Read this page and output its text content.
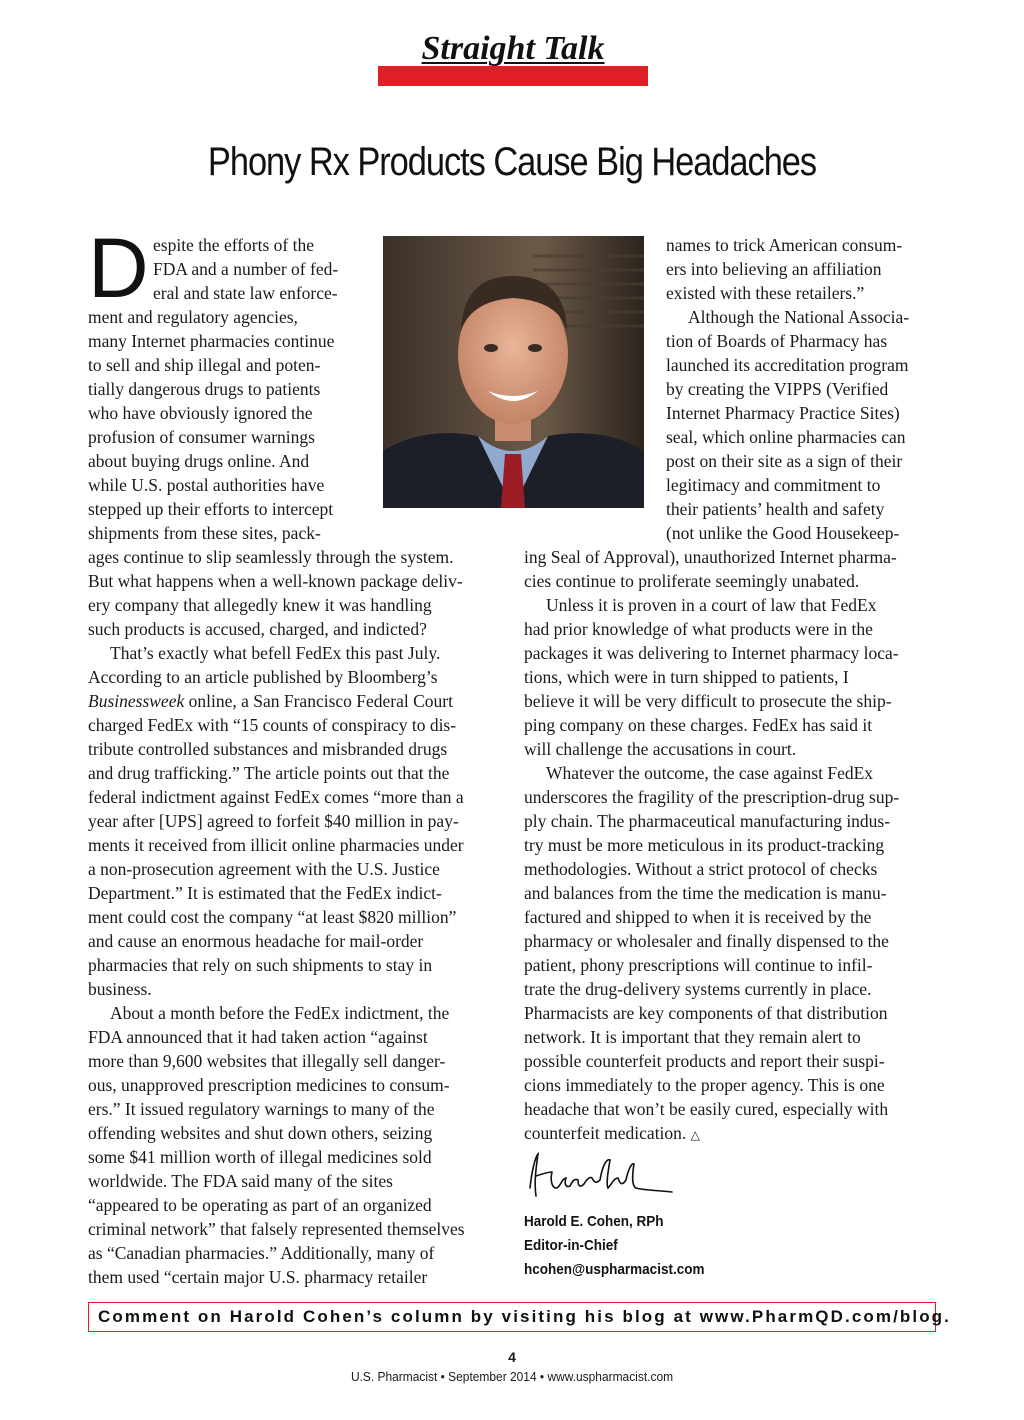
Straight Talk
Phony Rx Products Cause Big Headaches
D espite the efforts of the
FDA and a number of fed-
eral and state law enforce-
ment and regulatory agencies,
many Internet pharmacies continue
to sell and ship illegal and poten-
tially dangerous drugs to patients
who have obviously ignored the
profusion of consumer warnings
about buying drugs online. And
while U.S. postal authorities have
stepped up their efforts to intercept
shipments from these sites, pack-
ages continue to slip seamlessly through the system.
But what happens when a well-known package deliv-
ery company that allegedly knew it was handling
such products is accused, charged, and indicted?
That’s exactly what befell FedEx this past July.
According to an article published by Bloomberg’s
Businessweek online, a San Francisco Federal Court
charged FedEx with “15 counts of conspiracy to dis-
tribute controlled substances and misbranded drugs
and drug trafficking.” The article points out that the
federal indictment against FedEx comes “more than a
year after [UPS] agreed to forfeit $40 million in pay-
ments it received from illicit online pharmacies under
a non-prosecution agreement with the U.S. Justice
Department.” It is estimated that the FedEx indict-
ment could cost the company “at least $820 million”
and cause an enormous headache for mail-order
pharmacies that rely on such shipments to stay in
business.
About a month before the FedEx indictment, the
FDA announced that it had taken action “against
more than 9,600 websites that illegally sell danger-
ous, unapproved prescription medicines to consum-
ers.” It issued regulatory warnings to many of the
offending websites and shut down others, seizing
some $41 million worth of illegal medicines sold
worldwide. The FDA said many of the sites
“appeared to be operating as part of an organized
criminal network” that falsely represented themselves
as “Canadian pharmacies.” Additionally, many of
them used “certain major U.S. pharmacy retailer
names to trick American consum-
ers into believing an affiliation
existed with these retailers.”
Although the National Associa-
tion of Boards of Pharmacy has
launched its accreditation program
by creating the VIPPS (Verified
Internet Pharmacy Practice Sites)
seal, which online pharmacies can
post on their site as a sign of their
legitimacy and commitment to
their patients’ health and safety
(not unlike the Good Housekeep-
ing Seal of Approval), unauthorized Internet pharma-
cies continue to proliferate seemingly unabated.
Unless it is proven in a court of law that FedEx
had prior knowledge of what products were in the
packages it was delivering to Internet pharmacy loca-
tions, which were in turn shipped to patients, I
believe it will be very difficult to prosecute the ship-
ping company on these charges. FedEx has said it
will challenge the accusations in court.
Whatever the outcome, the case against FedEx
underscores the fragility of the prescription-drug sup-
ply chain. The pharmaceutical manufacturing indus-
try must be more meticulous in its product-tracking
methodologies. Without a strict protocol of checks
and balances from the time the medication is manu-
factured and shipped to when it is received by the
pharmacy or wholesaler and finally dispensed to the
patient, phony prescriptions will continue to infil-
trate the drug-delivery systems currently in place.
Pharmacists are key components of that distribution
network. It is important that they remain alert to
possible counterfeit products and report their suspi-
cions immediately to the proper agency. This is one
headache that won’t be easily cured, especially with
counterfeit medication. △
Harold E. Cohen, RPh
Editor-in-Chief
hcohen@uspharmacist.com
Comment on Harold Cohen’s column by visiting his blog at www.PharmQD.com/blog.
4
U.S. Pharmacist • September 2014 • www.uspharmacist.com
